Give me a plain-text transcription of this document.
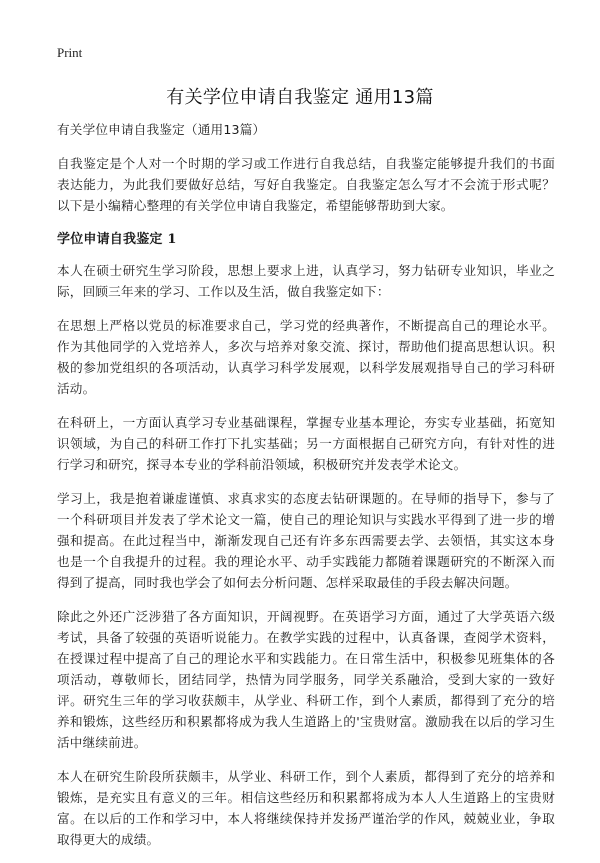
Print
有关学位申请自我鉴定 通用13篇

有关学位申请自我鉴定（通用13篇）

自我鉴定是个人对一个时期的学习或工作进行自我总结，自我鉴定能够提升我们的书面表达能力，为此我们要做好总结，写好自我鉴定。自我鉴定怎么写才不会流于形式呢？以下是小编精心整理的有关学位申请自我鉴定，希望能够帮助到大家。

学位申请自我鉴定 1

本人在硕士研究生学习阶段，思想上要求上进，认真学习，努力钻研专业知识，毕业之际，回顾三年来的学习、工作以及生活，做自我鉴定如下：

在思想上严格以党员的标准要求自己，学习党的经典著作，不断提高自己的理论水平。作为其他同学的入党培养人，多次与培养对象交流、探讨，帮助他们提高思想认识。积极的参加党组织的各项活动，认真学习科学发展观，以科学发展观指导自己的学习科研活动。

在科研上，一方面认真学习专业基础课程，掌握专业基本理论，夯实专业基础，拓宽知识领域，为自己的科研工作打下扎实基础；另一方面根据自己研究方向，有针对性的进行学习和研究，探寻本专业的学科前沿领域，积极研究并发表学术论文。

学习上，我是抱着谦虚谨慎、求真求实的态度去钻研课题的。在导师的指导下，参与了一个科研项目并发表了学术论文一篇，使自己的理论知识与实践水平得到了进一步的增强和提高。在此过程当中，渐渐发现自己还有许多东西需要去学、去领悟，其实这本身也是一个自我提升的过程。我的理论水平、动手实践能力都随着课题研究的不断深入而得到了提高，同时我也学会了如何去分析问题、怎样采取最佳的手段去解决问题。

除此之外还广泛涉猎了各方面知识，开阔视野。在英语学习方面，通过了大学英语六级考试，具备了较强的英语听说能力。在教学实践的过程中，认真备课，查阅学术资料，在授课过程中提高了自己的理论水平和实践能力。在日常生活中，积极参见班集体的各项活动，尊敬师长，团结同学，热情为同学服务，同学关系融洽，受到大家的一致好评。研究生三年的学习收获颇丰，从学业、科研工作，到个人素质，都得到了充分的培养和锻炼，这些经历和积累都将成为我人生道路上的'宝贵财富。激励我在以后的学习生活中继续前进。

本人在研究生阶段所获颇丰，从学业、科研工作，到个人素质，都得到了充分的培养和锻炼，是充实且有意义的三年。相信这些经历和积累都将成为本人人生道路上的宝贵财富。在以后的工作和学习中，本人将继续保持并发扬严谨治学的作风，兢兢业业，争取取得更大的成绩。
